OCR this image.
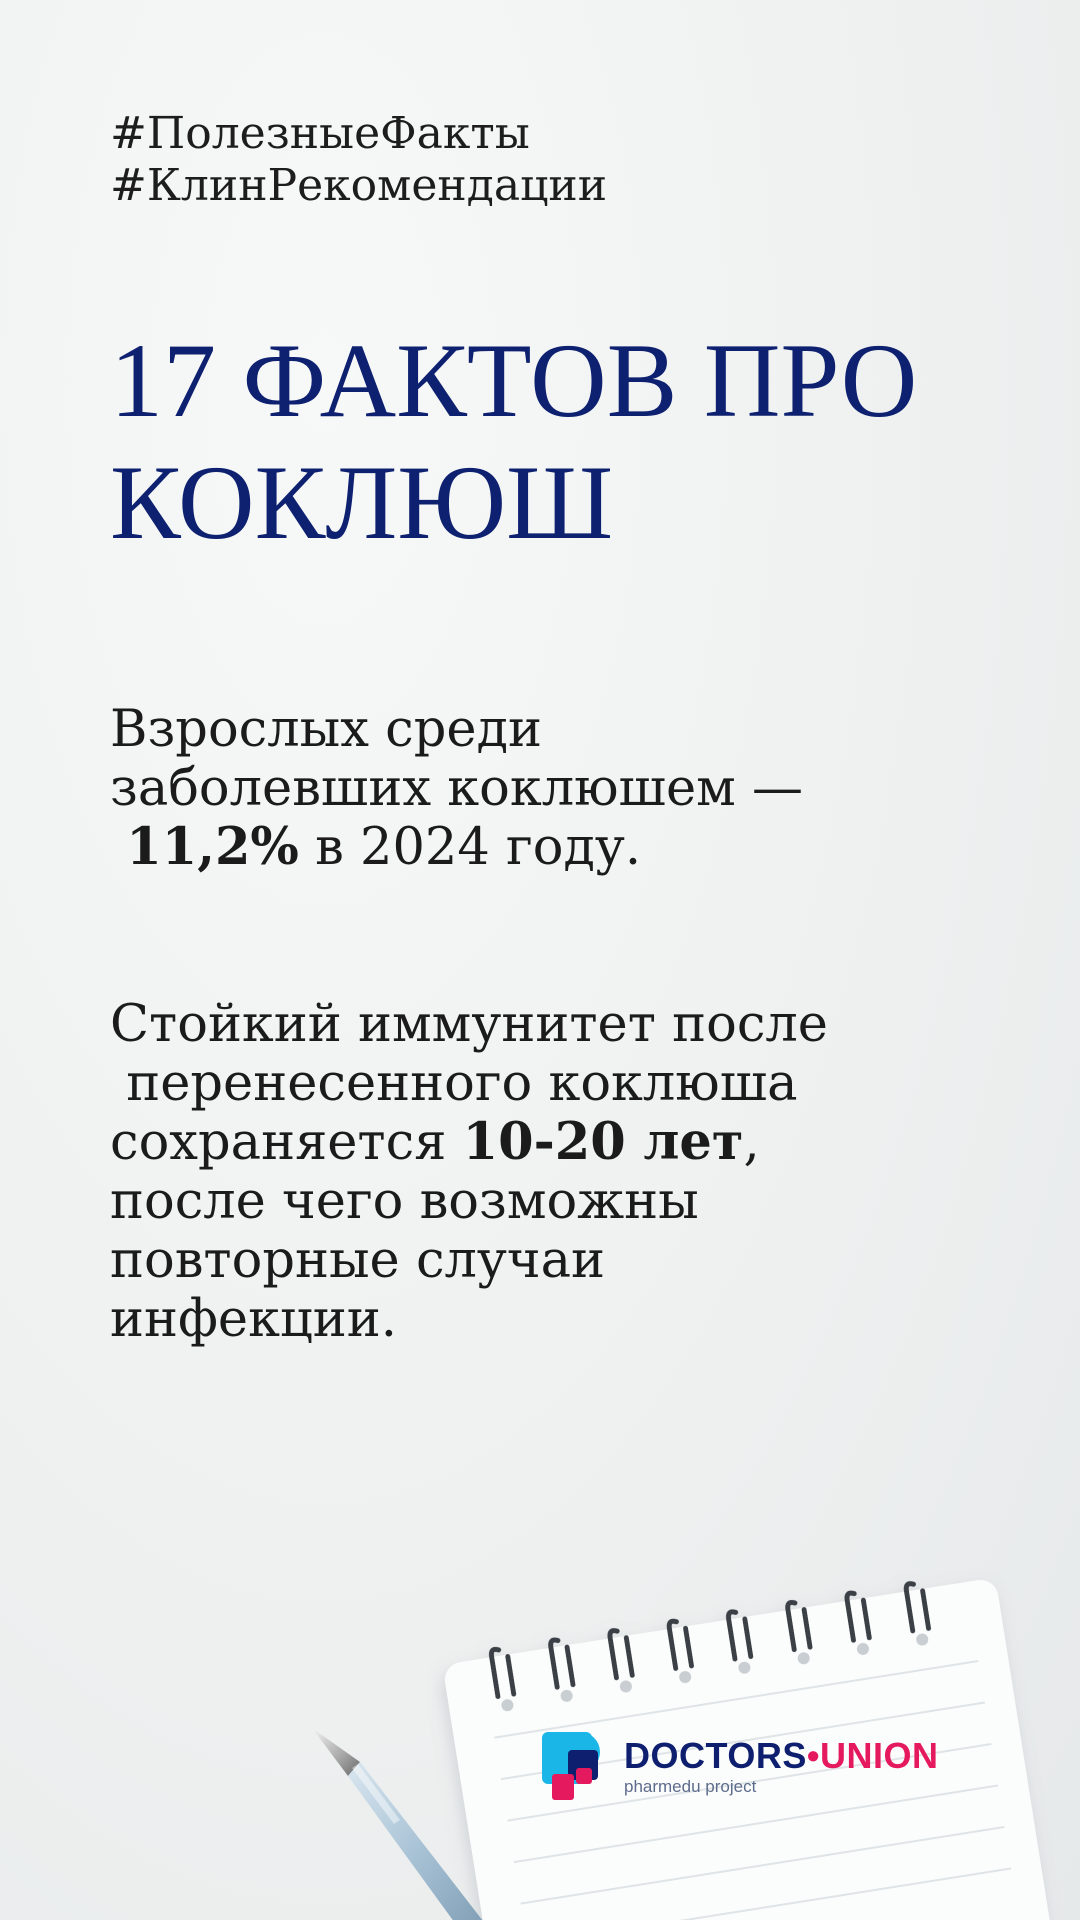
#ПолезныеФакты
#КлинРекомендации
17 ФАКТОВ ПРО
КОКЛЮШ
Взрослых среди
заболевших коклюшем —
11,2% в 2024 году.
Стойкий иммунитет после
перенесенного коклюша
сохраняется 10-20 лет,
после чего возможны
повторные случаи
инфекции.
DOCTORS•UNION
pharmedu project
